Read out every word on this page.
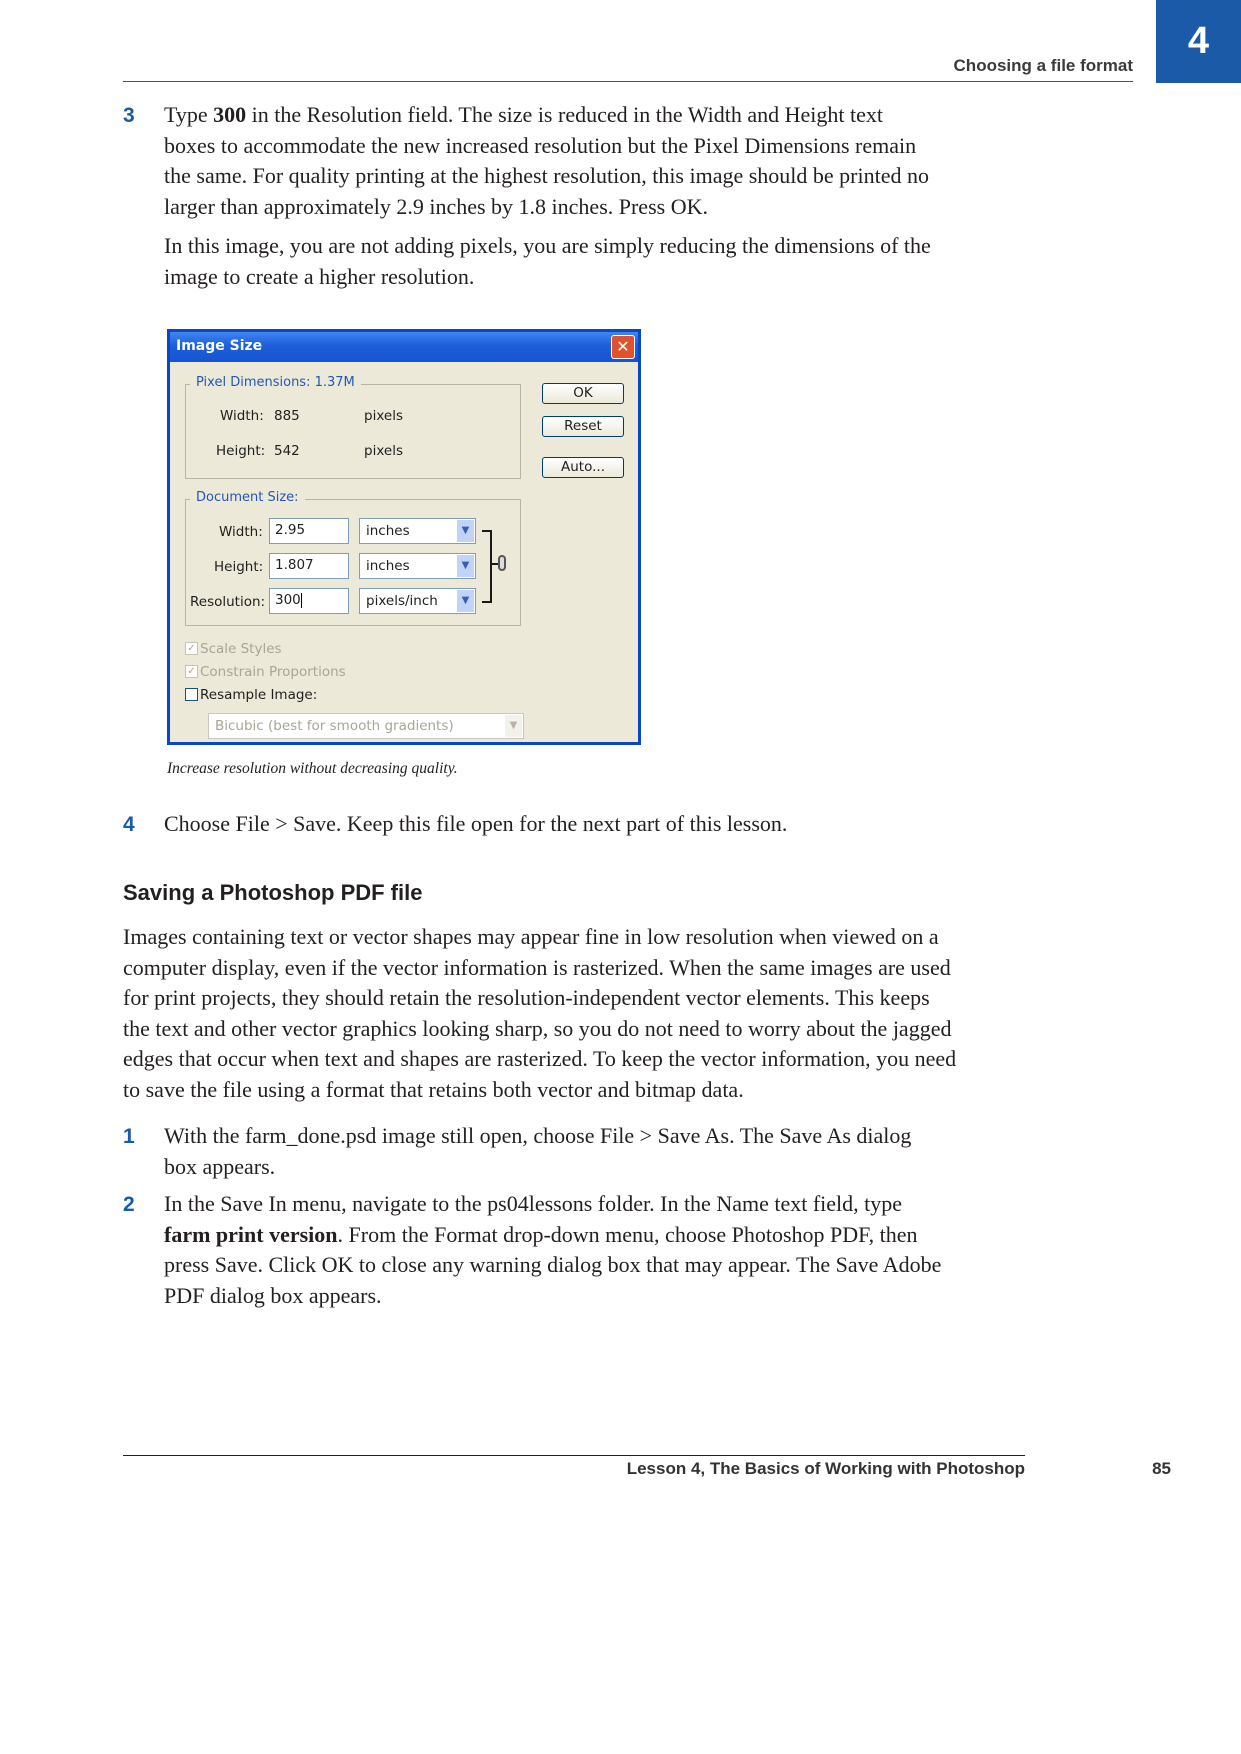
Choosing a file format
4
3 Type 300 in the Resolution field. The size is reduced in the Width and Height text

boxes to accommodate the new increased resolution but the Pixel Dimensions remain

the same. For quality printing at the highest resolution, this image should be printed no

larger than approximately 2.9 inches by 1.8 inches. Press OK.

In this image, you are not adding pixels, you are simply reducing the dimensions of the

image to create a higher resolution.

Image Size	✕
Pixel Dimensions: 1.37M
Width: 885	pixels
Height: 542	pixels
OK
Reset
Auto...
Document Size:
Width: 2.95	inches	▼
Height: 1.807	inches	▼
Resolution: 300	pixels/inch	▼
✓ Scale Styles
✓ Constrain Proportions
Resample Image:
Bicubic (best for smooth gradients)	▼
Increase resolution without decreasing quality.
4 Choose File > Save. Keep this file open for the next part of this lesson.

Saving a Photoshop PDF file

Images containing text or vector shapes may appear fine in low resolution when viewed on a

computer display, even if the vector information is rasterized. When the same images are used

for print projects, they should retain the resolution-independent vector elements. This keeps

the text and other vector graphics looking sharp, so you do not need to worry about the jagged

edges that occur when text and shapes are rasterized. To keep the vector information, you need

to save the file using a format that retains both vector and bitmap data.

1 With the farm_done.psd image still open, choose File > Save As. The Save As dialog

box appears.

2 In the Save In menu, navigate to the ps04lessons folder. In the Name text field, type

farm print version. From the Format drop-down menu, choose Photoshop PDF, then

press Save. Click OK to close any warning dialog box that may appear. The Save Adobe

PDF dialog box appears.

Lesson 4, The Basics of Working with Photoshop	85
